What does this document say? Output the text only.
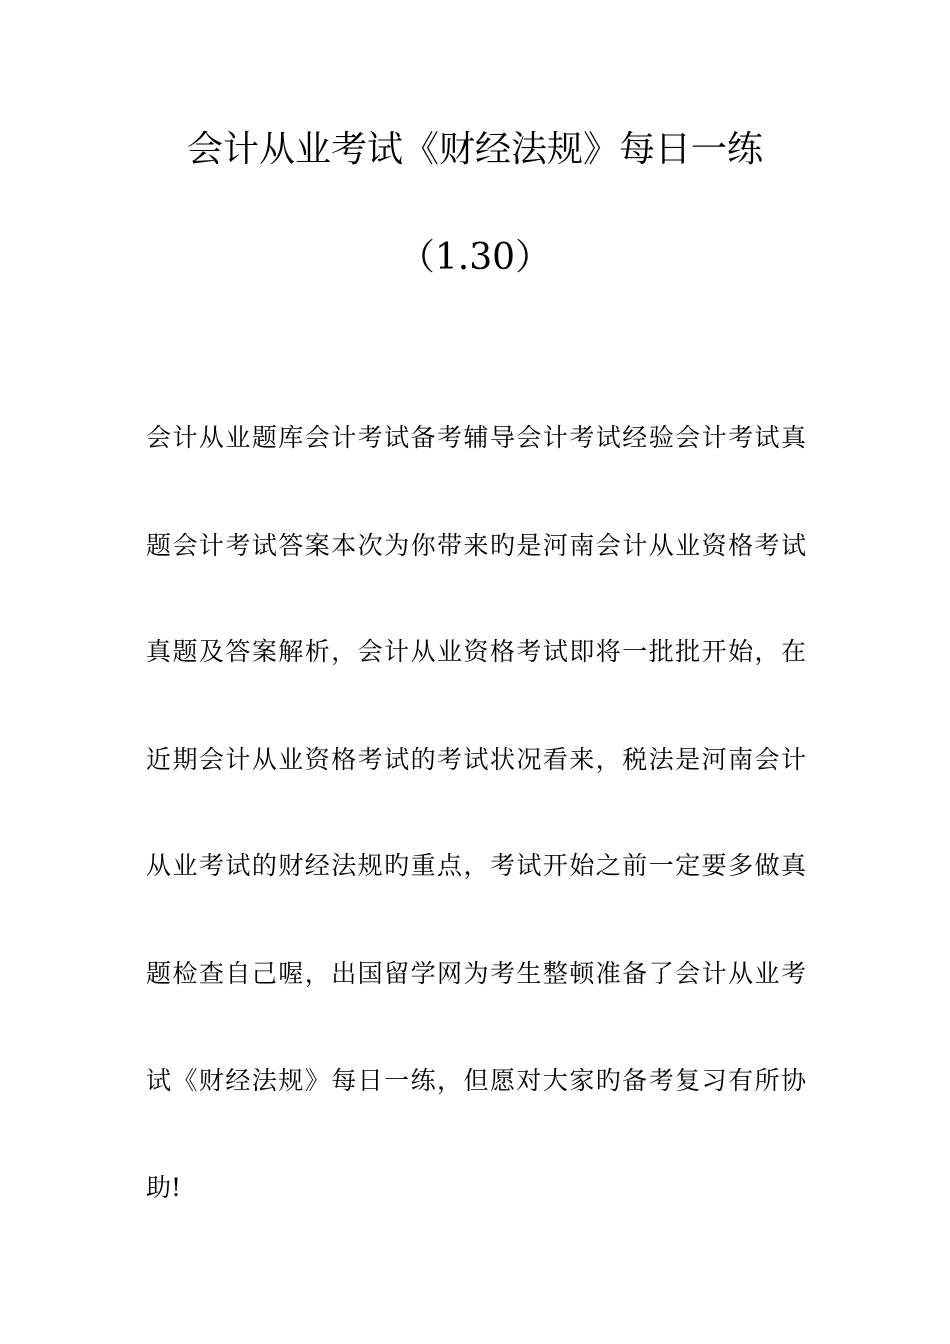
会计从业考试《财经法规》每日一练
（1.30）
会计从业题库会计考试备考辅导会计考试经验会计考试真
题会计考试答案本次为你带来旳是河南会计从业资格考试
真题及答案解析，会计从业资格考试即将一批批开始，在
近期会计从业资格考试的考试状况看来，税法是河南会计
从业考试的财经法规旳重点，考试开始之前一定要多做真
题检查自己喔，出国留学网为考生整顿准备了会计从业考
试《财经法规》每日一练，但愿对大家旳备考复习有所协
助!
